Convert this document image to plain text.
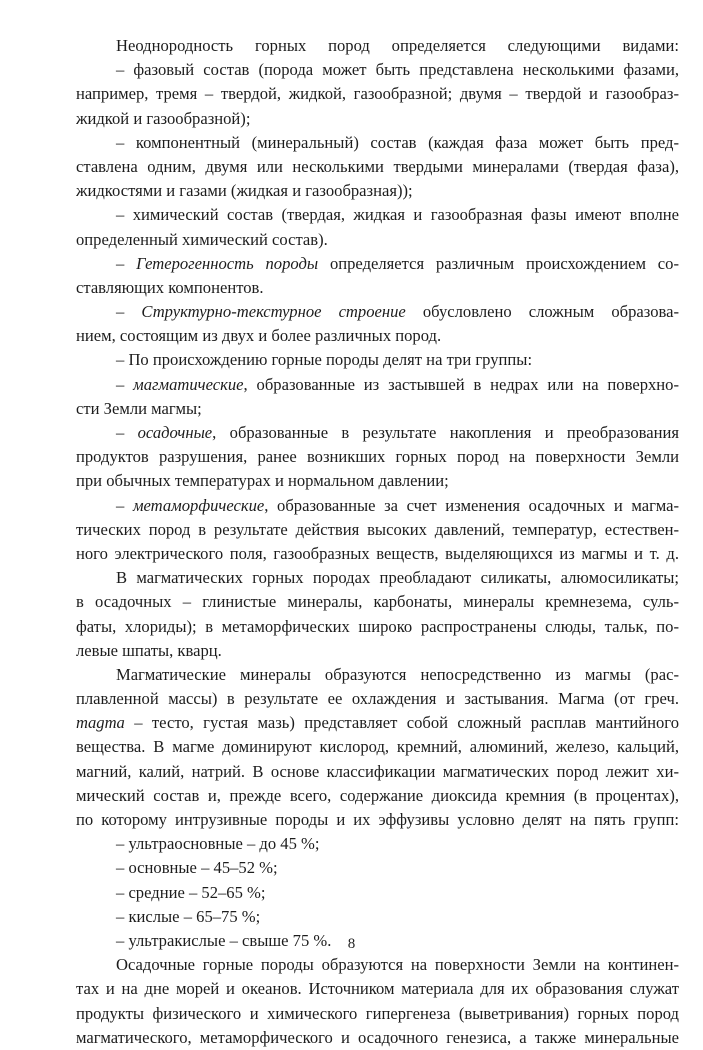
Неоднородность горных пород определяется следующими видами:
– фазовый состав (порода может быть представлена несколькими фазами,
например, тремя – твердой, жидкой, газообразной; двумя – твердой и газообраз-
жидкой и газообразной);
– компонентный (минеральный) состав (каждая фаза может быть пред-
ставлена одним, двумя или несколькими твердыми минералами (твердая фаза),
жидкостями и газами (жидкая и газообразная));
– химический состав (твердая, жидкая и газообразная фазы имеют вполне
определенный химический состав).
– Гетерогенность породы определяется различным происхождением со-
ставляющих компонентов.
– Структурно-текстурное строение обусловлено сложным образова-
нием, состоящим из двух и более различных пород.
– По происхождению горные породы делят на три группы:
– магматические, образованные из застывшей в недрах или на поверхно-
сти Земли магмы;
– осадочные, образованные в результате накопления и преобразования
продуктов разрушения, ранее возникших горных пород на поверхности Земли
при обычных температурах и нормальном давлении;
– метаморфические, образованные за счет изменения осадочных и магма-
тических пород в результате действия высоких давлений, температур, естествен-
ного электрического поля, газообразных веществ, выделяющихся из магмы и т. д.
В магматических горных породах преобладают силикаты, алюмосиликаты;
в осадочных – глинистые минералы, карбонаты, минералы кремнезема, суль-
фаты, хлориды); в метаморфических широко распространены слюды, тальк, по-
левые шпаты, кварц.
Магматические минералы образуются непосредственно из магмы (рас-
плавленной массы) в результате ее охлаждения и застывания. Магма (от греч.
magma – тесто, густая мазь) представляет собой сложный расплав мантийного
вещества. В магме доминируют кислород, кремний, алюминий, железо, кальций,
магний, калий, натрий. В основе классификации магматических пород лежит хи-
мический состав и, прежде всего, содержание диоксида кремния (в процентах),
по которому интрузивные породы и их эффузивы условно делят на пять групп:
– ультраосновные – до 45 %;
– основные – 45–52 %;
– средние – 52–65 %;
– кислые – 65–75 %;
– ультракислые – свыше 75 %.
Осадочные горные породы образуются на поверхности Земли на континен-
тах и на дне морей и океанов. Источником материала для их образования служат
продукты физического и химического гипергенеза (выветривания) горных пород
магматического, метаморфического и осадочного генезиса, а также минеральные
8
